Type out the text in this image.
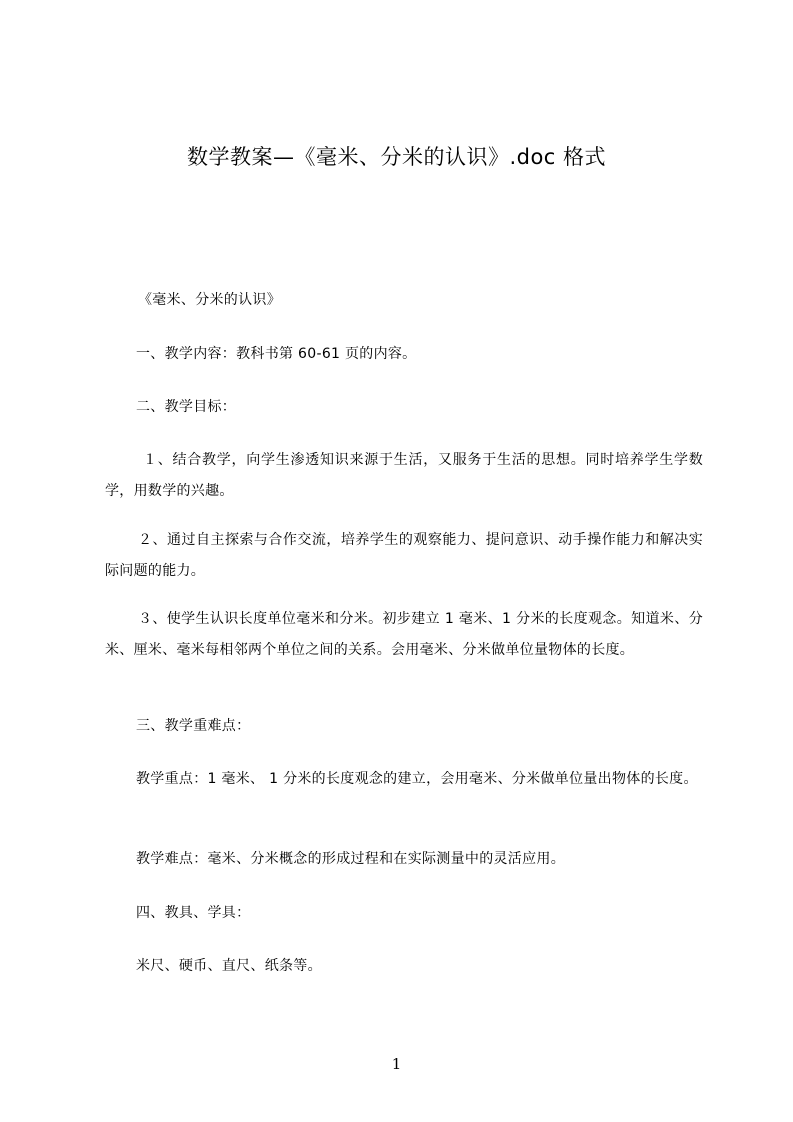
数学教案—《毫米、分米的认识》.doc 格式
《毫米、分米的认识》
一、教学内容：教科书第 60-61 页的内容。
二、教学目标：
１、结合教学，向学生渗透知识来源于生活，又服务于生活的思想。同时培养学生学数学，用数学的兴趣。
２、通过自主探索与合作交流，培养学生的观察能力、提问意识、动手操作能力和解决实际问题的能力。
３、使学生认识长度单位毫米和分米。初步建立 1 毫米、1 分米的长度观念。知道米、分米、厘米、毫米每相邻两个单位之间的关系。会用毫米、分米做单位量物体的长度。
三、教学重难点：
教学重点：1 毫米、 1 分米的长度观念的建立，会用毫米、分米做单位量出物体的长度。
教学难点：毫米、分米概念的形成过程和在实际测量中的灵活应用。
四、教具、学具：
米尺、硬币、直尺、纸条等。
1
